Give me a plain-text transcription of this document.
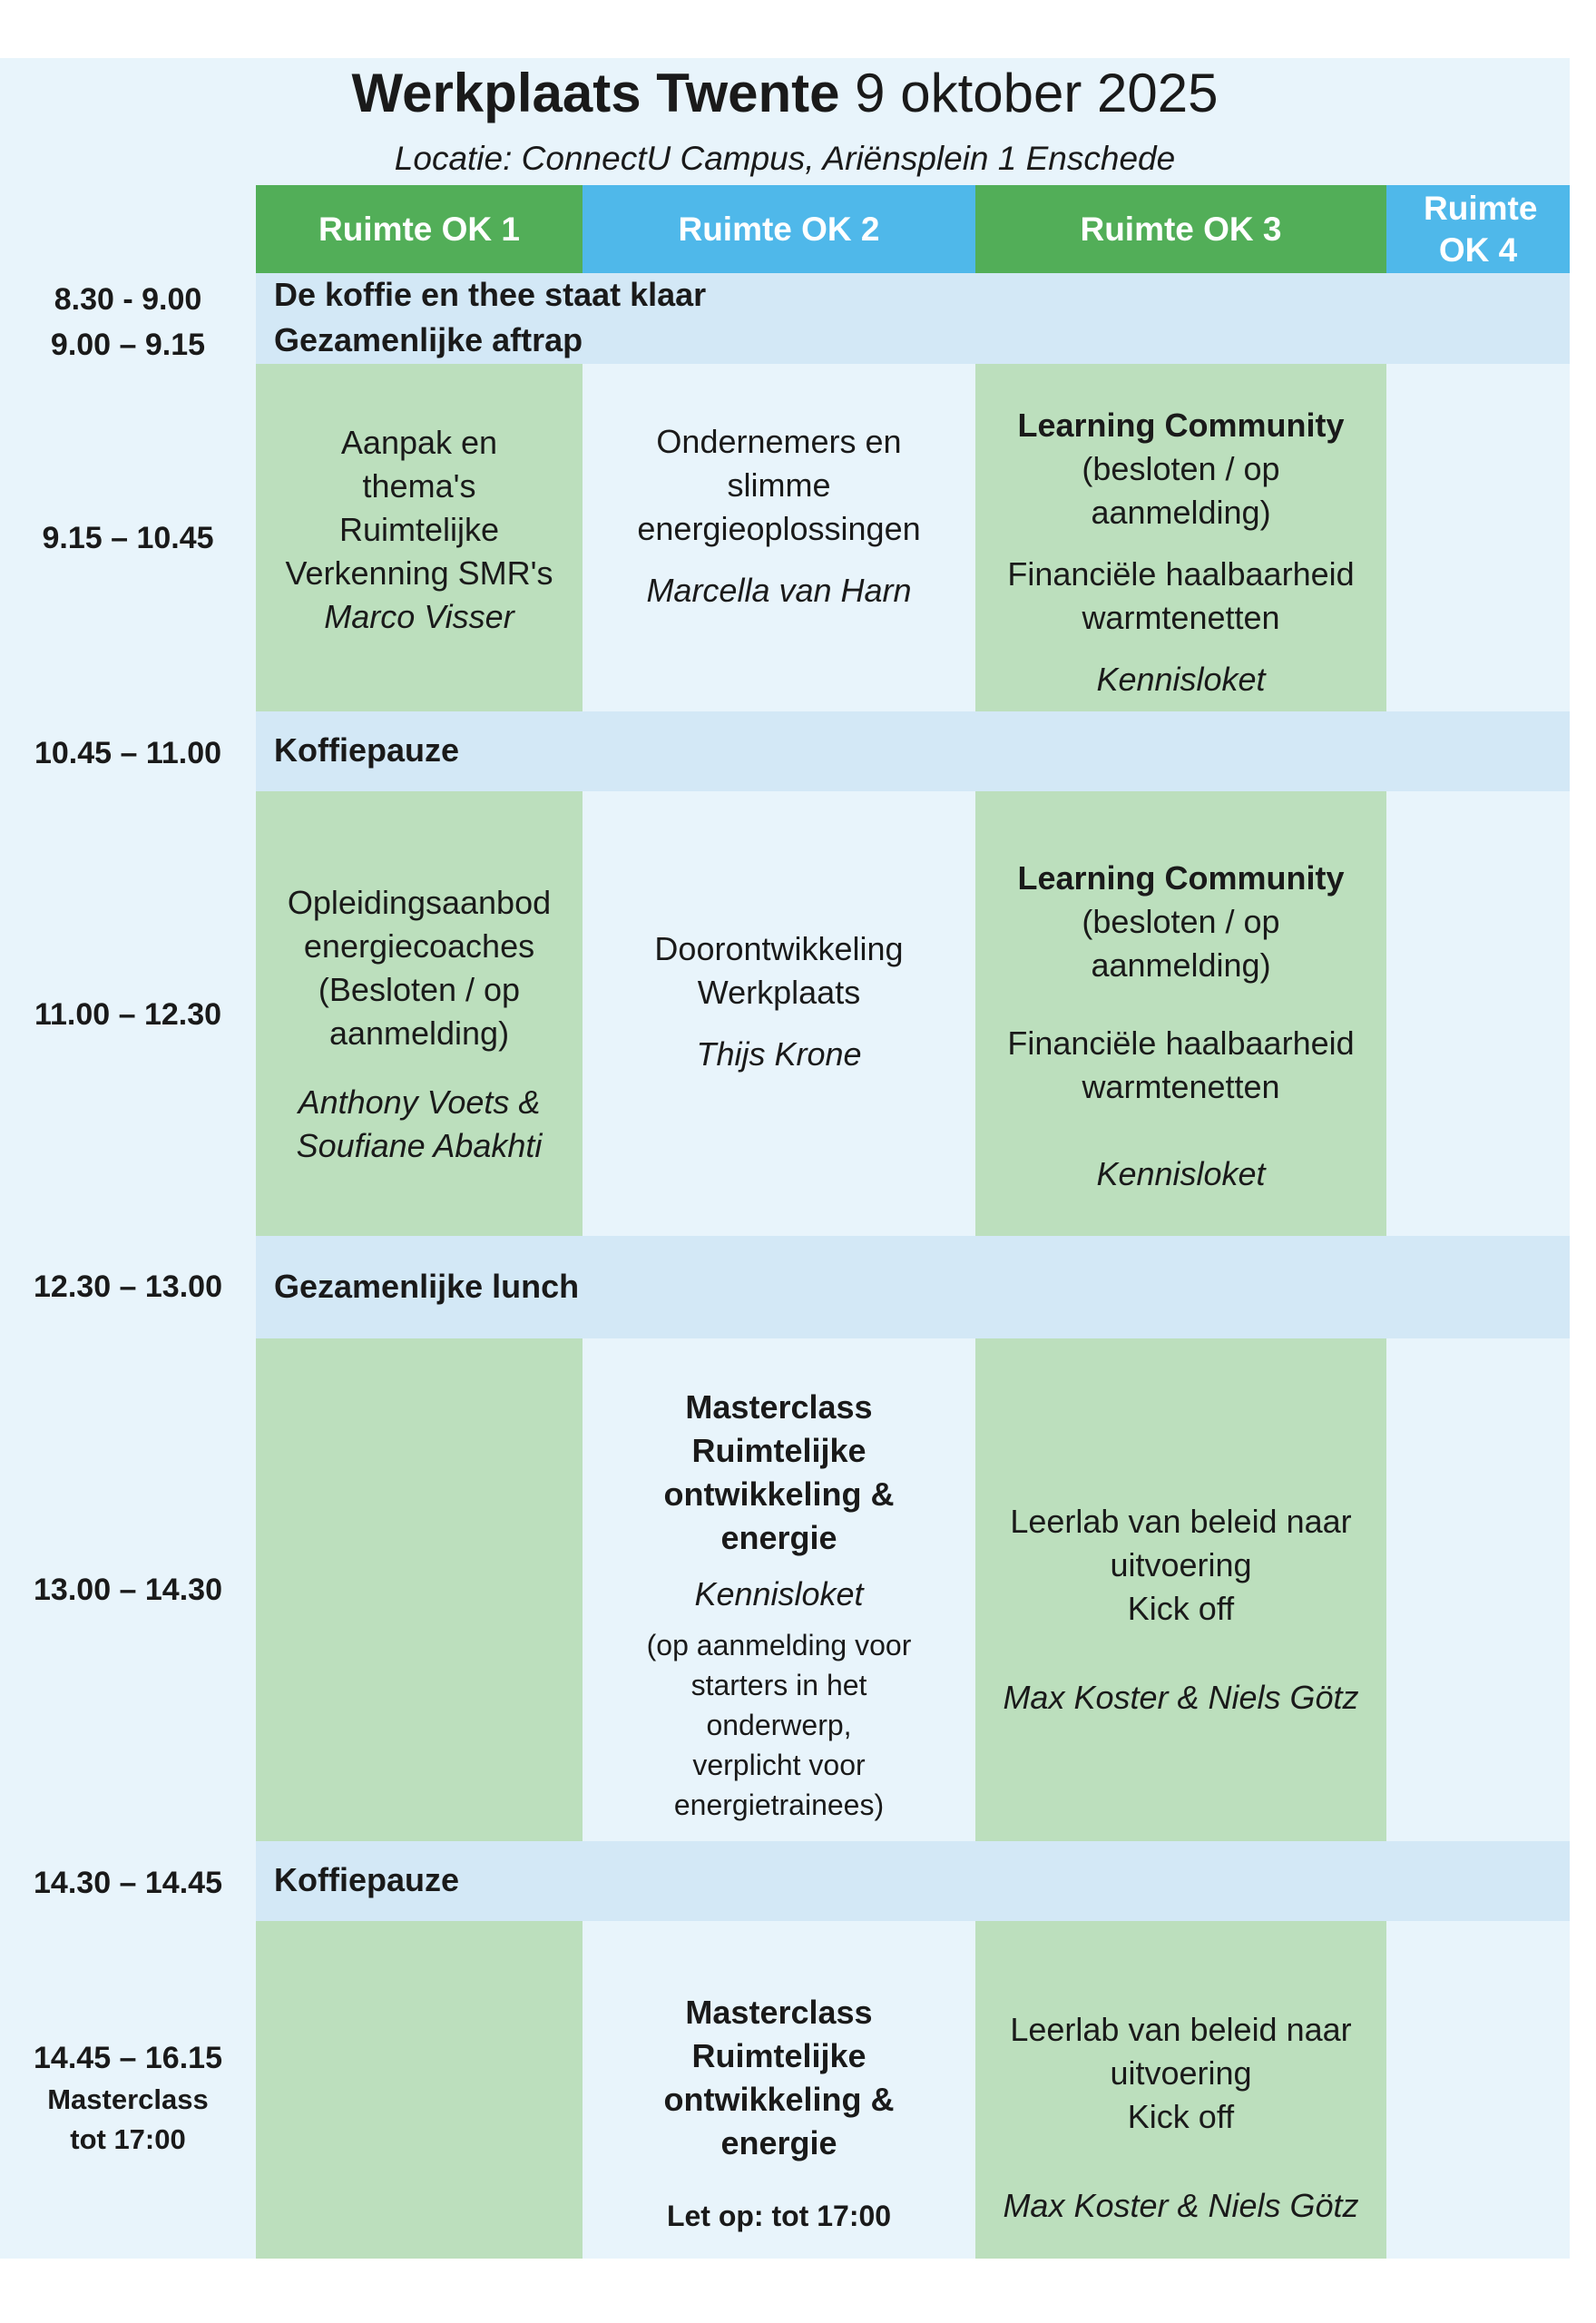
Werkplaats Twente 9 oktober 2025
Locatie: ConnectU Campus, Ariënsplein 1 Enschede
Ruimte OK 1	Ruimte OK 2	Ruimte OK 3
Ruimte OK 4
De koffie en thee staat klaar
Gezamenlijke aftrap
Koffiepauze
Gezamenlijke lunch
Koffiepauze
8.30 - 9.00
9.00 – 9.15
9.15 – 10.45
10.45 – 11.00
11.00 – 12.30
12.30 – 13.00
13.00 – 14.30
14.30 – 14.45
14.45 – 16.15
Masterclass
tot 17:00
Aanpak en
thema's
Ruimtelijke
Verkenning SMR's
Marco Visser
Ondernemers en
slimme
energieoplossingen
Marcella van Harn
Learning Community
(besloten / op
aanmelding)
Financiële haalbaarheid
warmtenetten
Kennisloket
Opleidingsaanbod
energiecoaches
(Besloten / op
aanmelding)
Anthony Voets &
Soufiane Abakhti
Doorontwikkeling
Werkplaats
Thijs Krone
Learning Community
(besloten / op
aanmelding)
Financiële haalbaarheid
warmtenetten
Kennisloket
Masterclass
Ruimtelijke
ontwikkeling &
energie
Kennisloket
(op aanmelding voor
starters in het
onderwerp,
verplicht voor
energietrainees)
Leerlab van beleid naar
uitvoering
Kick off
Max Koster & Niels Götz
Masterclass
Ruimtelijke
ontwikkeling &
energie
Let op: tot 17:00
Leerlab van beleid naar
uitvoering
Kick off
Max Koster & Niels Götz
